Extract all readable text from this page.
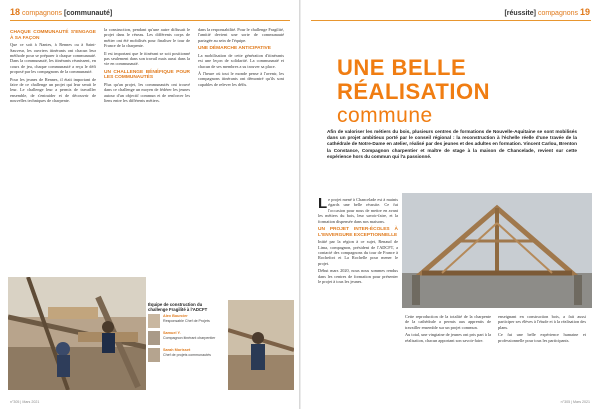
18 compagnons [communauté]
CHAQUE COMMUNAUTÉ S'ENGAGE À SA FAÇON

Que ce soit à Nantes, à Rennes ou à Saint-Sauveur, les ouvriers itinérants ont chacun leur méthode pour se préparer à chaque communauté. Dans la communauté, les itinérants réunissent, en cours de jeu, chaque communauté a reçu le défi proposé par les compagnons de la communauté.

Pour les jeunes de Rennes, il était important de faire de ce challenge un projet qui leur serait le leur. Le challenge leur a permis de travailler ensemble, de s'entraider et de découvrir de nouvelles techniques de charpente.

la construction, pendant qu'une autre diffusait le projet dans le réseau. Les différents corps de métier ont été mobilisés pour finaliser le tour de France de la charpente.

Il est important que le itinérant se soit positionné pas seulement dans son travail mais aussi dans la vie en communauté.

UN CHALLENGE BÉNÉFIQUE POUR LES COMMUNAUTÉS

Plus qu'un projet, les communautés ont trouvé dans ce challenge un moyen de fédérer les jeunes autour d'un objectif commun et de renforcer les liens entre les différents métiers.

dans la responsabilité. Pour le challenge Fragilité, l'amitié devient une sorte de communauté partagée au sein de l'équipe.

UNE DÉMARCHE ANTICIPATIVE

La mobilisation de cette génération d'itinérants est une leçon de solidarité. La communauté et chacun de ses membres a su trouver sa place.

À l'heure où tout le monde pense à l'avenir, les compagnons itinérants ont démontré qu'ils sont capables de relever les défis.

Équipe de construction du challenge Fragilité à l'ADCFT
Alex Bourcier
Responsable Chef de Projets
Samuel Y.
Compagnon itinérant charpentier
Sarah Morisset
Chef de projets communautés
n°305 | Mars 2021
[réussite] compagnons 19
UNE BELLE RÉALISATION
commune
Afin de valoriser les métiers du bois, plusieurs centres de formations de Nouvelle-Aquitaine se sont mobilisés dans un projet ambitieux porté par le conseil régional : la reconstruction à l'échelle réelle d'une travée de la cathédrale de Notre-Dame en atelier, réalisé par des jeunes et des adultes en formation. Vincent Carlou, Brenton la Constance, Compagnon charpentier et maître de stage à la maison de Chancelade, revient sur cette expérience hors du commun qui l'a passionné.

Le projet mené à Chancelade est à maints égards une belle réussite. Ce fut l'occasion pour nous de mettre en avant les métiers du bois, leur savoir-faire, et la formation dispensée dans nos maisons.

UN PROJET INTER-ÉCOLES À L'ENVERGURE EXCEPTIONNELLE

Initié par la région à ce sujet, Renaud de Lima, compagnon, président de l'ADCFT, a contacté des compagnons du tour de France à Rochefort et La Rochelle pour mener le projet.

Début mars 2020, nous nous sommes rendus dans les centres de formation pour présenter le projet à tous les jeunes.

Cette reproduction de la totalité de la charpente de la cathédrale a permis aux apprentis de travailler ensemble sur un projet commun.

Au total, une vingtaine de jeunes ont pris part à la réalisation, chacun apportant son savoir-faire.

enseignant en construction bois, a fait aussi participer ses élèves à l'étude et à la réalisation des plans.

Ce fut une belle expérience humaine et professionnelle pour tous les participants.

n°305 | Mars 2021
